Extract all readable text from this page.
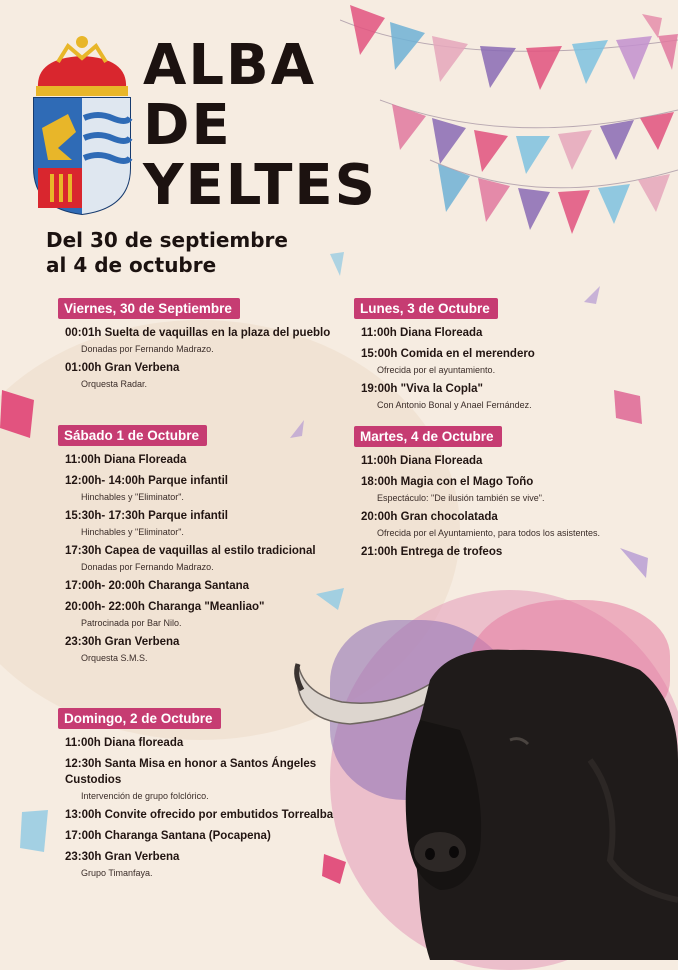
ALBA
DE
YELTES
Del 30 de septiembre
al 4 de octubre
Viernes, 30 de Septiembre
00:01h Suelta de vaquillas en la plaza del pueblo
Donadas por Fernando Madrazo.
01:00h Gran Verbena
Orquesta Radar.
Sábado 1 de Octubre
11:00h Diana Floreada
12:00h- 14:00h Parque infantil
Hinchables y "Eliminator".
15:30h- 17:30h Parque infantil
Hinchables y "Eliminator".
17:30h Capea de vaquillas al estilo tradicional
Donadas por Fernando Madrazo.
17:00h- 20:00h Charanga Santana
20:00h- 22:00h Charanga "Meanliao"
Patrocinada por Bar Nilo.
23:30h Gran Verbena
Orquesta S.M.S.
Domingo, 2 de Octubre
11:00h Diana floreada
12:30h Santa Misa en honor a Santos Ángeles Custodios
Intervención de grupo folclórico.
13:00h Convite ofrecido por embutidos Torrealba
17:00h Charanga Santana (Pocapena)
23:30h Gran Verbena
Grupo Timanfaya.
Lunes, 3 de Octubre
11:00h Diana Floreada
15:00h Comida en el merendero
Ofrecida por el ayuntamiento.
19:00h "Viva la Copla"
Con Antonio Bonal y Anael Fernández.
Martes, 4 de Octubre
11:00h Diana Floreada
18:00h Magia con el Mago Toño
Espectáculo: "De ilusión también se vive".
20:00h Gran chocolatada
Ofrecida por el Ayuntamiento, para todos los asistentes.
21:00h Entrega de trofeos
